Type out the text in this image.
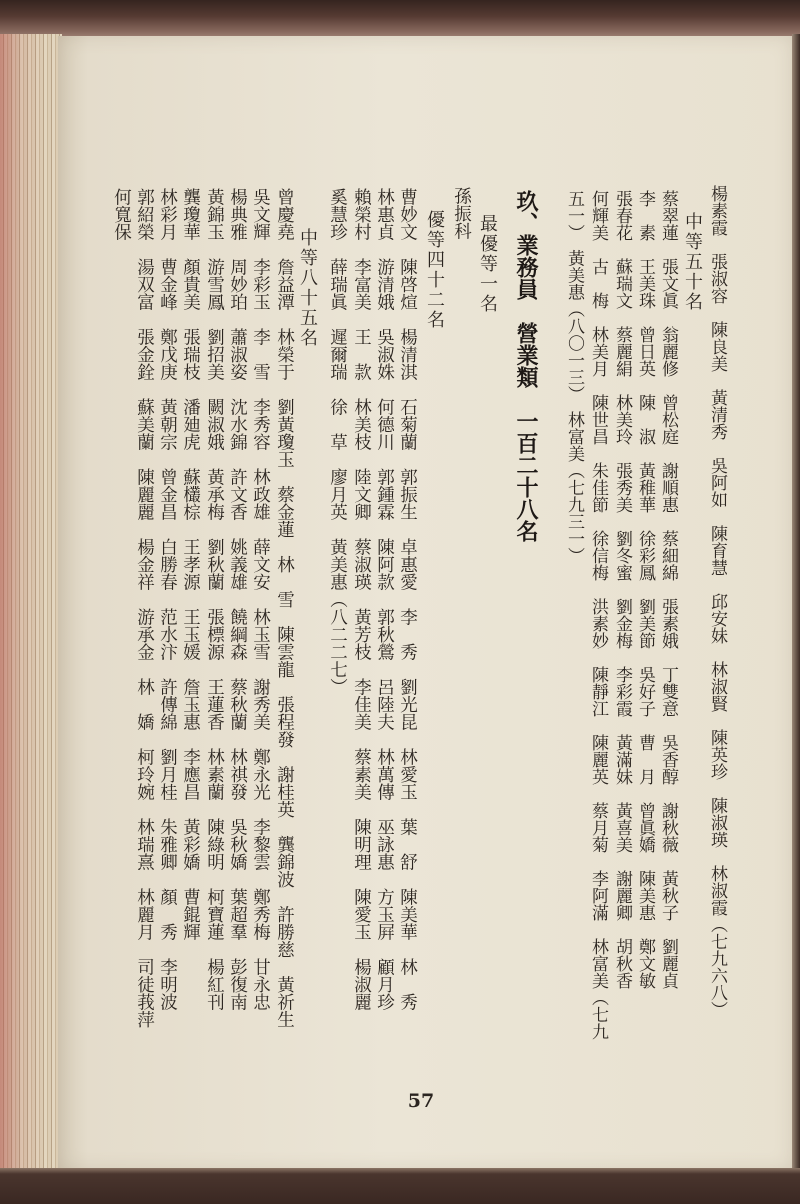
楊素霞　張淑容　陳良美　黃清秀　吳阿如　陳育慧　邱安妹　林淑賢　陳英珍　陳淑瑛　林淑霞（七九六八）
中等五十名
蔡翠蓮　張文眞　翁麗修　曾松庭　謝順惠　蔡細綿　張素娥　丁雙意　吳香醇　謝秋薇　黃秋子　劉麗貞
李　素　王美珠　曾日英　陳　淑　黃稚華　徐彩鳳　劉美節　吳好子　曹　月　曾眞嬌　陳美惠　鄭文敏
張春花　蘇瑞文　蔡麗絹　林美玲　張秀美　劉冬蜜　劉金梅　李彩霞　黃滿妹　黃喜美　謝麗卿　胡秋香
何輝美　古　梅　林美月　陳世昌　朱佳節　徐信梅　洪素妙　陳靜江　陳麗英　蔡月菊　李阿滿　林富美（七九
五一）　黃美惠（八〇一三）　林富美（七九三一）
玖、業務員　營業類　一百二十八名
最優等一名
孫振科
優等四十二名
曹妙文　陳啓煊　楊清淇　石菊蘭　郭振生　卓惠愛　李　秀　劉光昆　林愛玉　葉　舒　陳美華　林　秀
林惠貞　游清娥　吳淑姝　何德川　郭鍾霖　陳阿款　郭秋鶯　呂陸夫　林萬傳　巫詠惠　方玉屛　顧月珍
賴榮村　李富美　王　款　林美枝　陸文卿　蔡淑瑛　黃芳枝　李佳美　蔡素美　陳明理　陳愛玉　楊淑麗
奚慧珍　薛瑞眞　遲爾瑞　徐　草　廖月英　黃美惠（八二二七）
中等八十五名
曾慶堯　詹益潭　林榮于　劉黃瓊玉　蔡金蓮　林　雪　陳雲龍　張程發　謝桂英　龔錦波　許勝慈　黃祈生
吳文輝　李彩玉　李　雪　李秀容　林政雄　薛文安　林玉雪　謝秀美　鄭永光　李黎雲　鄭秀梅　甘永忠
楊典雅　周妙珀　蕭淑姿　沈水錦　許文香　姚義雄　饒綱森　蔡秋蘭　林祺發　吳秋嬌　葉超羣　彭復南
黃錦玉　游雪鳳　劉招美　闕淑娥　黃承梅　劉秋蘭　張標源　王蓮香　林素蘭　陳綠明　柯寶蓮　楊紅刊
龔瓊華　顏貴美　張瑞枝　潘廸虎　蘇欉棕　王孝源　王玉媛　詹玉惠　李應昌　黃彩嬌　曹錕輝
林彩月　曹金峰　鄭戊庚　黃朝宗　曾金昌　白勝春　范水汴　許傳綿　劉月桂　朱雅卿　顏　秀　李明波
郭紹榮　湯双富　張金銓　蘇美蘭　陳麗麗　楊金祥　游承金　林　嬌　柯玲婉　林瑞熹　林麗月　司徒莪萍
何寬保
57
